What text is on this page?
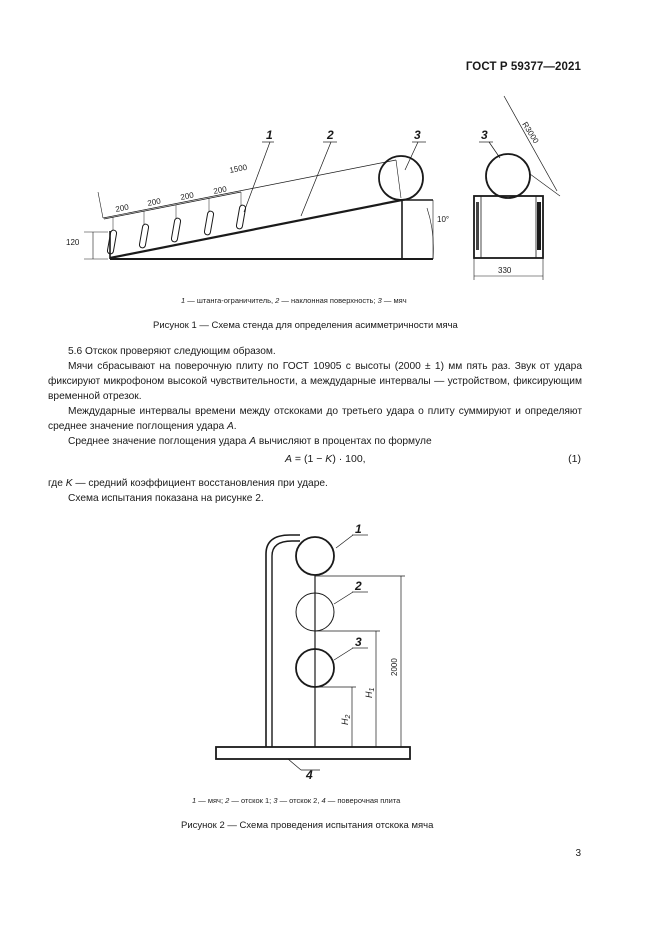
ГОСТ Р 59377—2021
1	2	3	3
1500
200
200
200
200
120
10°
R3000
330
1 — штанга-ограничитель, 2 — наклонная поверхность; 3 — мяч
Рисунок 1 — Схема стенда для определения асимметричности мяча

5.6 Отскок проверяют следующим образом.

Мячи сбрасывают на поверочную плиту по ГОСТ 10905 с высоты (2000 ± 1) мм пять раз. Звук от удара фиксируют микрофоном высокой чувствительности, а междударные интервалы — устройством, фиксирующим временной отрезок.

Междударные интервалы времени между отскоками до третьего удара о плиту суммируют и определяют среднее значение поглощения удара A.

Среднее значение поглощения удара A вычисляют в процентах по формуле

A = (1 − K) · 100,	(1)

где K — средний коэффициент восстановления при ударе.

Схема испытания показана на рисунке 2.

1
2
3
4
2000
$H_1$
$H_2$
1 — мяч; 2 — отскок 1; 3 — отскок 2, 4 — поверочная плита
Рисунок 2 — Схема проведения испытания отскока мяча
3
